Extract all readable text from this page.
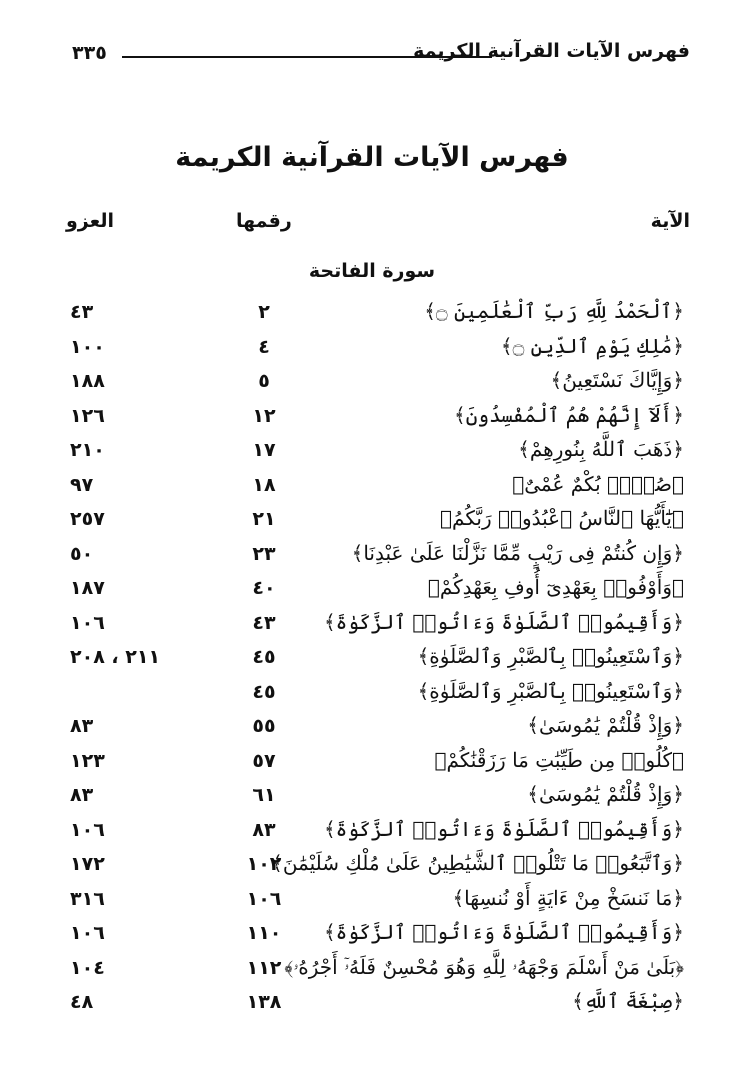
٣٣٥	فهرس الآيات القرآنية الكريمة
فهرس الآيات القرآنية الكريمة
الآية
رقمها
العزو
سورة الفاتحة
﴿ٱلْحَمْدُ لِلَّهِ رَبِّ ٱلْعَٰلَمِينَ ۝﴾
٢
٤٣
﴿مَٰلِكِ يَوْمِ ٱلدِّينِ ۝﴾
٤
١٠٠
﴿وَإِيَّاكَ نَسْتَعِينُ﴾
٥
١٨٨
﴿أَلَآ إِنَّهُمْ هُمُ ٱلْمُفْسِدُونَ﴾
١٢
١٢٦
﴿ذَهَبَ ٱللَّهُ بِنُورِهِمْ﴾
١٧
٢١٠
﴿صُمٌّۢ بُكْمٌ عُمْىٌ﴾
١٨
٩٧
﴿يَٰٓأَيُّهَا ٱلنَّاسُ ٱعْبُدُوا۟ رَبَّكُمُ﴾
٢١
٢٥٧
﴿وَإِن كُنتُمْ فِى رَيْبٍ مِّمَّا نَزَّلْنَا عَلَىٰ عَبْدِنَا﴾
٢٣
٥٠
﴿وَأَوْفُوا۟ بِعَهْدِىٓ أُوفِ بِعَهْدِكُمْ﴾
٤٠
١٨٧
﴿وَأَقِيمُوا۟ ٱلصَّلَوٰةَ وَءَاتُوا۟ ٱلزَّكَوٰةَ﴾
٤٣
١٠٦
﴿وَٱسْتَعِينُوا۟ بِٱلصَّبْرِ وَٱلصَّلَوٰةِ﴾
٤٥
٢١١ ، ٢٠٨
﴿وَٱسْتَعِينُوا۟ بِٱلصَّبْرِ وَٱلصَّلَوٰةِ﴾
٤٥
﴿وَإِذْ قُلْتُمْ يَٰمُوسَىٰ﴾
٥٥
٨٣
﴿كُلُوا۟ مِن طَيِّبَٰتِ مَا رَزَقْنَٰكُمْ﴾
٥٧
١٢٣
﴿وَإِذْ قُلْتُمْ يَٰمُوسَىٰ﴾
٦١
٨٣
﴿وَأَقِيمُوا۟ ٱلصَّلَوٰةَ وَءَاتُوا۟ ٱلزَّكَوٰةَ﴾
٨٣
١٠٦
﴿وَٱتَّبَعُوا۟ مَا تَتْلُوا۟ ٱلشَّيَٰطِينُ عَلَىٰ مُلْكِ سُلَيْمَٰنَ﴾
١٠٢
١٧٢
﴿مَا نَنسَخْ مِنْ ءَايَةٍ أَوْ نُنسِهَا﴾
١٠٦
٣١٦
﴿وَأَقِيمُوا۟ ٱلصَّلَوٰةَ وَءَاتُوا۟ ٱلزَّكَوٰةَ﴾
١١٠
١٠٦
﴿بَلَىٰ مَنْ أَسْلَمَ وَجْهَهُۥ لِلَّهِ وَهُوَ مُحْسِنٌ فَلَهُۥٓ أَجْرُهُۥ﴾
١١٢
١٠٤
﴿صِبْغَةَ ٱللَّهِ﴾
١٣٨
٤٨
